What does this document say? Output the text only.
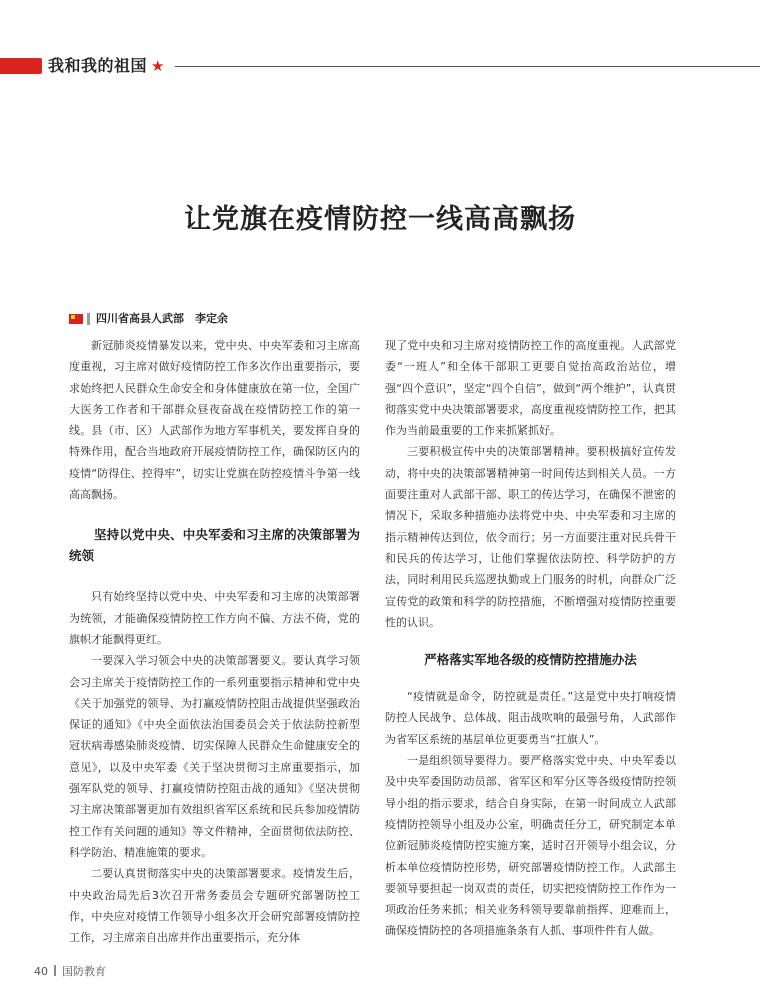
我和我的祖国 ★
让党旗在疫情防控一线高高飘扬
四川省高县人武部　 李定余

新冠肺炎疫情暴发以来，党中央、中央军委和习主席高度重视，习主席对做好疫情防控工作多次作出重要指示，要求始终把人民群众生命安全和身体健康放在第一位，全国广大医务工作者和干部群众昼夜奋战在疫情防控工作的第一线。县（市、区）人武部作为地方军事机关，要发挥自身的特殊作用，配合当地政府开展疫情防控工作，确保防区内的疫情“防得住、控得牢”，切实让党旗在防控疫情斗争第一线高高飘扬。

坚持以党中央、中央军委和习主席的决策部署为统领

只有始终坚持以党中央、中央军委和习主席的决策部署为统领，才能确保疫情防控工作方向不偏、方法不倚，党的旗帜才能飘得更红。

一要深入学习领会中央的决策部署要义。要认真学习领会习主席关于疫情防控工作的一系列重要指示精神和党中央《关于加强党的领导、为打赢疫情防控阻击战提供坚强政治保证的通知》《中央全面依法治国委员会关于依法防控新型冠状病毒感染肺炎疫情、切实保障人民群众生命健康安全的意见》，以及中央军委《关于坚决贯彻习主席重要指示，加强军队党的领导、打赢疫情防控阻击战的通知》《坚决贯彻习主席决策部署更加有效组织省军区系统和民兵参加疫情防控工作有关问题的通知》等文件精神，全面贯彻依法防控、科学防治、精准施策的要求。

二要认真贯彻落实中央的决策部署要求。疫情发生后，中央政治局先后3次召开常务委员会专题研究部署防控工作，中央应对疫情工作领导小组多次开会研究部署疫情防控工作，习主席亲自出席并作出重要指示，充分体

现了党中央和习主席对疫情防控工作的高度重视。人武部党委“一班人”和全体干部职工更要自觉抬高政治站位，增强“四个意识”，坚定“四个自信”，做到“两个维护”，认真贯彻落实党中央决策部署要求，高度重视疫情防控工作，把其作为当前最重要的工作来抓紧抓好。

三要积极宣传中央的决策部署精神。要积极搞好宣传发动，将中央的决策部署精神第一时间传达到相关人员。一方面要注重对人武部干部、职工的传达学习，在确保不泄密的情况下，采取多种措施办法将党中央、中央军委和习主席的指示精神传达到位，依令而行；另一方面要注重对民兵骨干和民兵的传达学习，让他们掌握依法防控、科学防护的方法，同时利用民兵巡逻执勤或上门服务的时机，向群众广泛宣传党的政策和科学的防控措施，不断增强对疫情防控重要性的认识。

严格落实军地各级的疫情防控措施办法

“疫情就是命令，防控就是责任。”这是党中央打响疫情防控人民战争、总体战、阻击战吹响的最强号角，人武部作为省军区系统的基层单位更要勇当“扛旗人”。

一是组织领导要得力。要严格落实党中央、中央军委以及中央军委国防动员部、省军区和军分区等各级疫情防控领导小组的指示要求，结合自身实际，在第一时间成立人武部疫情防控领导小组及办公室，明确责任分工，研究制定本单位新冠肺炎疫情防控实施方案，适时召开领导小组会议，分析本单位疫情防控形势，研究部署疫情防控工作。人武部主要领导要担起一岗双责的责任，切实把疫情防控工作作为一项政治任务来抓；相关业务科领导要靠前指挥、迎难而上，确保疫情防控的各项措施条条有人抓、事项件件有人做。

40 国防教育
